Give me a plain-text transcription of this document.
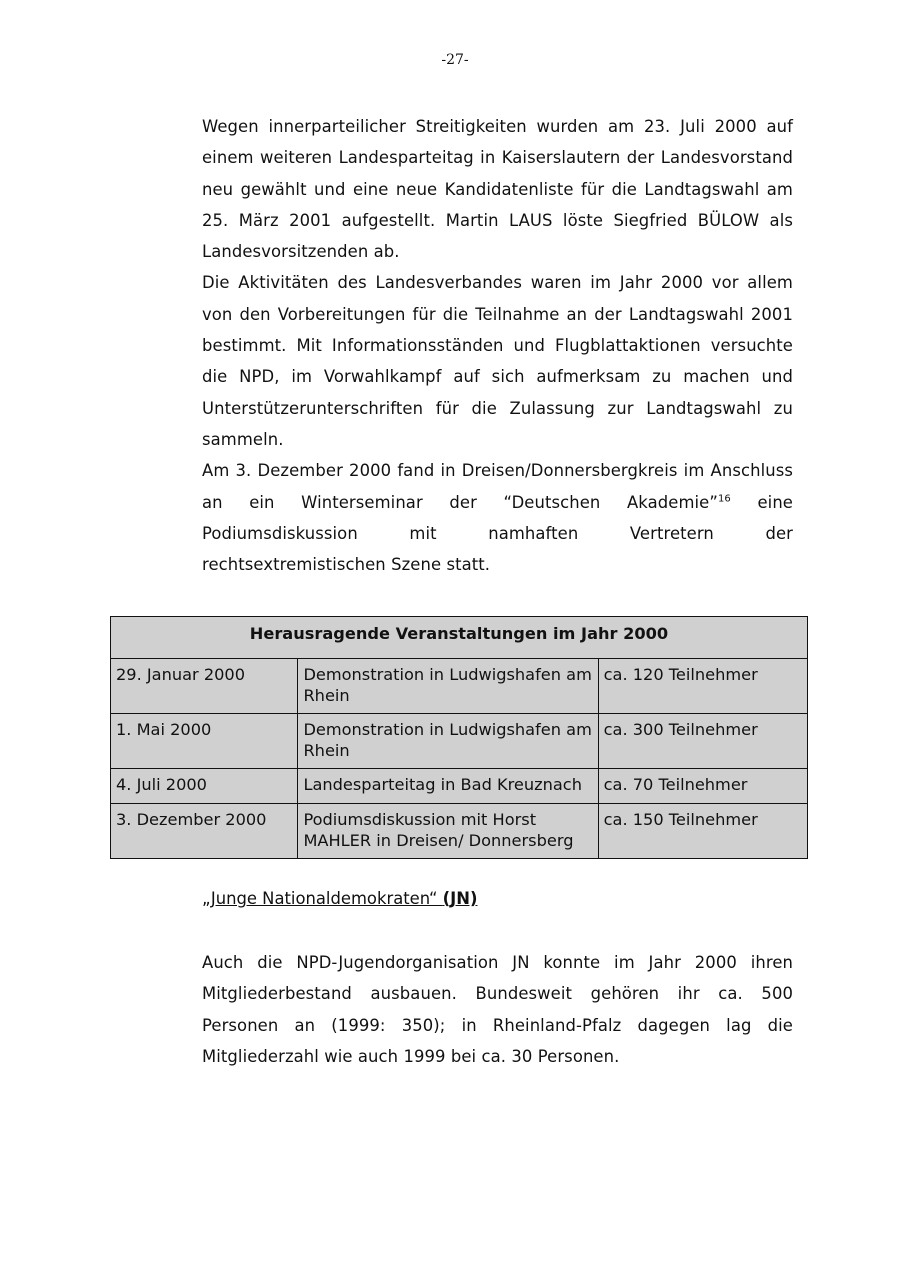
-27-

Wegen innerparteilicher Streitigkeiten wurden am 23. Juli 2000 auf einem weiteren Landesparteitag in Kaiserslautern der Landesvorstand neu gewählt und eine neue Kandidatenliste für die Landtagswahl am 25. März 2001 aufgestellt. Martin LAUS löste Siegfried BÜLOW als Landesvorsitzenden ab.

Die Aktivitäten des Landesverbandes waren im Jahr 2000 vor allem von den Vorbereitungen für die Teilnahme an der Landtagswahl 2001 bestimmt. Mit Informationsständen und Flugblattaktionen versuchte die NPD, im Vorwahlkampf auf sich aufmerksam zu machen und Unterstützerunterschriften für die Zulassung zur Landtagswahl zu sammeln.

Am 3. Dezember 2000 fand in Dreisen/Donnersbergkreis im Anschluss an ein Winterseminar der “Deutschen Akademie”$^{16}$ eine Podiumsdiskussion mit namhaften Vertretern der rechtsextremistischen Szene statt.

Herausragende Veranstaltungen im Jahr 2000		
29. Januar 2000	Demonstration in Ludwigshafen am Rhein	ca. 120 Teilnehmer
1. Mai 2000	Demonstration in Ludwigshafen am Rhein	ca. 300 Teilnehmer
4. Juli 2000	Landesparteitag in Bad Kreuznach	ca. 70 Teilnehmer
3. Dezember 2000	Podiumsdiskussion mit Horst MAHLER in Dreisen/ Donnersberg	ca. 150 Teilnehmer
„Junge Nationaldemokraten“ (JN)

Auch die NPD-Jugendorganisation JN konnte im Jahr 2000 ihren Mitgliederbestand ausbauen. Bundesweit gehören ihr ca. 500 Personen an (1999: 350); in Rheinland-Pfalz dagegen lag die Mitgliederzahl wie auch 1999 bei ca. 30 Personen.
